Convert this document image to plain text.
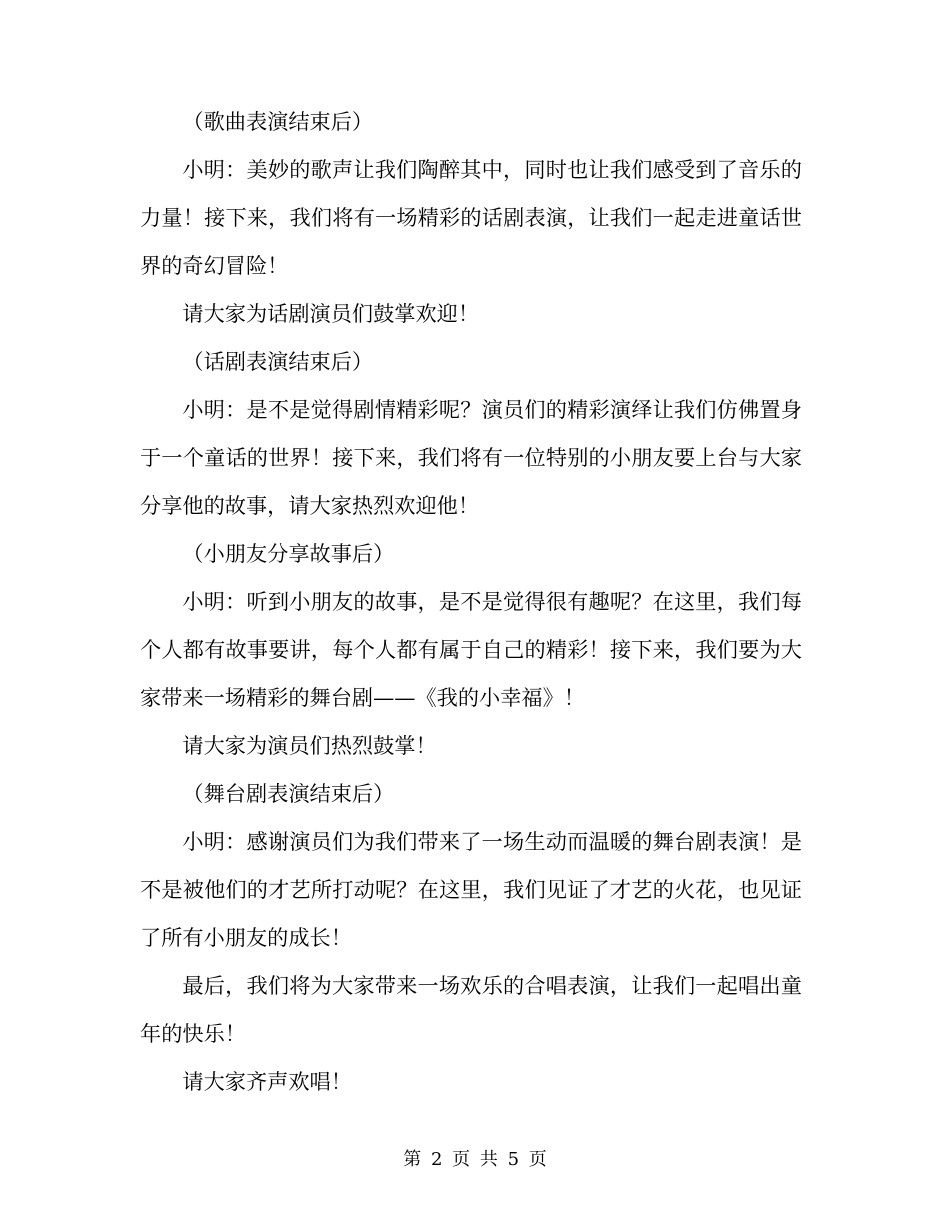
（歌曲表演结束后）

小明：美妙的歌声让我们陶醉其中，同时也让我们感受到了音乐的力量！接下来，我们将有一场精彩的话剧表演，让我们一起走进童话世界的奇幻冒险！

请大家为话剧演员们鼓掌欢迎！

（话剧表演结束后）

小明：是不是觉得剧情精彩呢？演员们的精彩演绎让我们仿佛置身于一个童话的世界！接下来，我们将有一位特别的小朋友要上台与大家分享他的故事，请大家热烈欢迎他！

（小朋友分享故事后）

小明：听到小朋友的故事，是不是觉得很有趣呢？在这里，我们每个人都有故事要讲，每个人都有属于自己的精彩！接下来，我们要为大家带来一场精彩的舞台剧——《我的小幸福》！

请大家为演员们热烈鼓掌！

（舞台剧表演结束后）

小明：感谢演员们为我们带来了一场生动而温暖的舞台剧表演！是不是被他们的才艺所打动呢？在这里，我们见证了才艺的火花，也见证了所有小朋友的成长！

最后，我们将为大家带来一场欢乐的合唱表演，让我们一起唱出童年的快乐！

请大家齐声欢唱！

第 2 页 共 5 页
